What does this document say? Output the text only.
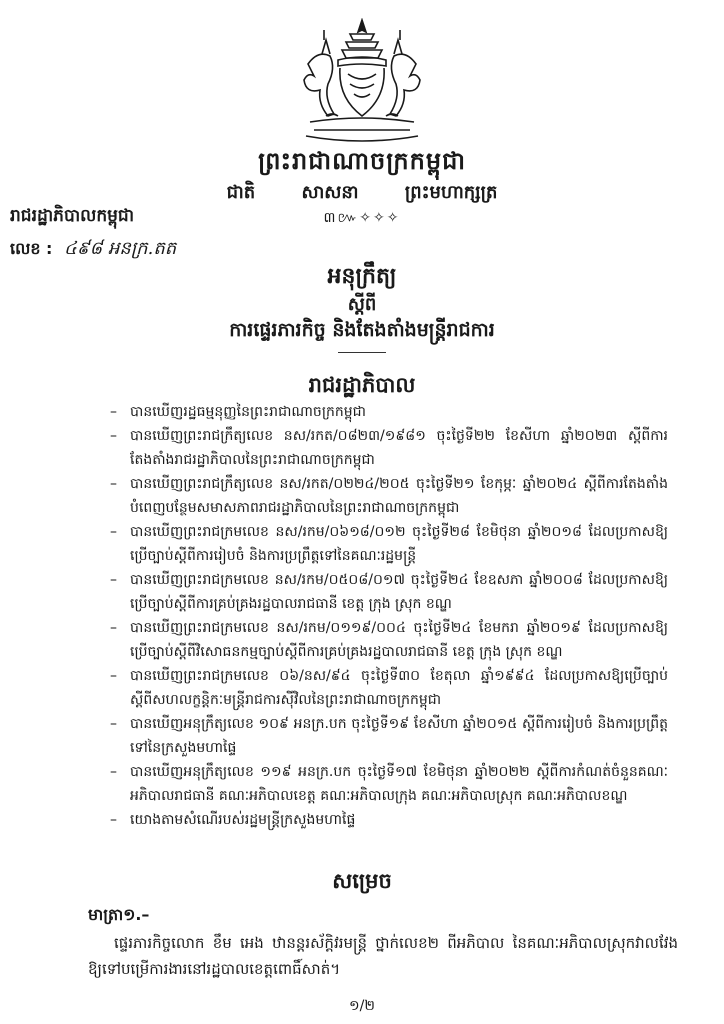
ព្រះរាជាណាចក្រកម្ពុជា
ជាតិ សាសនា ព្រះមហាក្សត្រ
៣៚✧✧✧
រាជរដ្ឋាភិបាលកម្ពុជា
លេខ : ៤៩៨ អនក្រ.តត
អនុក្រឹត្យ
ស្តីពី
ការផ្ទេរភារកិច្ច និងតែងតាំងមន្ត្រីរាជការ
រាជរដ្ឋាភិបាល
– បានឃើញរដ្ឋធម្មនុញ្ញនៃព្រះរាជាណាចក្រកម្ពុជា
– បានឃើញព្រះរាជក្រឹត្យលេខ នស/រកត/០៨២៣/១៩៨១ ចុះថ្ងៃទី២២ ខែសីហា ឆ្នាំ២០២៣ ស្តីពីការតែងតាំងរាជរដ្ឋាភិបាលនៃព្រះរាជាណាចក្រកម្ពុជា
– បានឃើញព្រះរាជក្រឹត្យលេខ នស/រកត/០២២៤/២០៥ ចុះថ្ងៃទី២១ ខែកុម្ភៈ ឆ្នាំ២០២៤ ស្តីពីការតែងតាំងបំពេញបន្ថែមសមាសភាពរាជរដ្ឋាភិបាលនៃព្រះរាជាណាចក្រកម្ពុជា
– បានឃើញព្រះរាជក្រមលេខ នស/រកម/០៦១៨/០១២ ចុះថ្ងៃទី២៨ ខែមិថុនា ឆ្នាំ២០១៨ ដែលប្រកាសឱ្យប្រើច្បាប់ស្តីពីការរៀបចំ និងការប្រព្រឹត្តទៅនៃគណៈរដ្ឋមន្ត្រី
– បានឃើញព្រះរាជក្រមលេខ នស/រកម/០៥០៨/០១៧ ចុះថ្ងៃទី២៤ ខែឧសភា ឆ្នាំ២០០៨ ដែលប្រកាសឱ្យប្រើច្បាប់ស្តីពីការគ្រប់គ្រងរដ្ឋបាលរាជធានី ខេត្ត ក្រុង ស្រុក ខណ្ឌ
– បានឃើញព្រះរាជក្រមលេខ នស/រកម/០១១៩/០០៤ ចុះថ្ងៃទី២៤ ខែមករា ឆ្នាំ២០១៩ ដែលប្រកាសឱ្យប្រើច្បាប់ស្តីពីវិសោធនកម្មច្បាប់ស្តីពីការគ្រប់គ្រងរដ្ឋបាលរាជធានី ខេត្ត ក្រុង ស្រុក ខណ្ឌ
– បានឃើញព្រះរាជក្រមលេខ ០៦/នស/៩៤ ចុះថ្ងៃទី៣០ ខែតុលា ឆ្នាំ១៩៩៤ ដែលប្រកាសឱ្យប្រើច្បាប់ស្តីពីសហលក្ខន្តិកៈមន្ត្រីរាជការស៊ីវិលនៃព្រះរាជាណាចក្រកម្ពុជា
– បានឃើញអនុក្រឹត្យលេខ ១០៩ អនក្រ.បក ចុះថ្ងៃទី១៩ ខែសីហា ឆ្នាំ២០១៥ ស្តីពីការរៀបចំ និងការប្រព្រឹត្តទៅនៃក្រសួងមហាផ្ទៃ
– បានឃើញអនុក្រឹត្យលេខ ១១៩ អនក្រ.បក ចុះថ្ងៃទី១៧ ខែមិថុនា ឆ្នាំ២០២២ ស្តីពីការកំណត់ចំនួនគណៈអភិបាលរាជធានី គណៈអភិបាលខេត្ត គណៈអភិបាលក្រុង គណៈអភិបាលស្រុក គណៈអភិបាលខណ្ឌ
– យោងតាមសំណើរបស់រដ្ឋមន្ត្រីក្រសួងមហាផ្ទៃ
សម្រេច
មាត្រា១.–
ផ្ទេរភារកិច្ចលោក ខឹម អេង ឋានន្តរស័ក្តិវរមន្ត្រី ថ្នាក់លេខ២ ពីអភិបាល នៃគណៈអភិបាលស្រុកវាលវែង ឱ្យទៅបម្រើការងារនៅរដ្ឋបាលខេត្តពោធិ៍សាត់។
១/២
